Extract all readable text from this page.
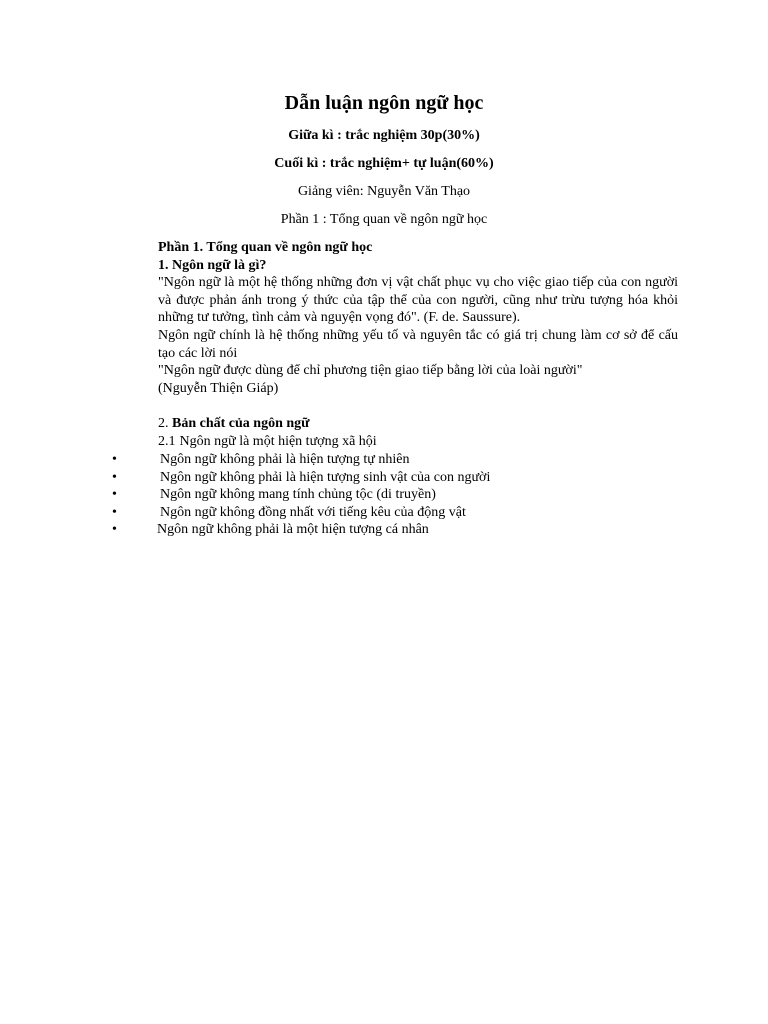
Dẫn luận ngôn ngữ học
Giữa kì : trắc nghiệm 30p(30%)
Cuối kì : trắc nghiệm+ tự luận(60%)
Giảng viên: Nguyễn Văn Thạo
Phần 1 : Tổng quan về ngôn ngữ học

Phần 1. Tổng quan về ngôn ngữ học

1. Ngôn ngữ là gì?

"Ngôn ngữ là một hệ thống những đơn vị vật chất phục vụ cho việc giao tiếp của con người và được phản ánh trong ý thức của tập thể của con người, cũng như trừu tượng hóa khỏi những tư tưởng, tình cảm và nguyện vọng đó". (F. de. Saussure).

Ngôn ngữ chính là hệ thống những yếu tố và nguyên tắc có giá trị chung làm cơ sở để cấu tạo các lời nói

"Ngôn ngữ được dùng để chỉ phương tiện giao tiếp bằng lời của loài người"

(Nguyễn Thiện Giáp)

2. Bản chất của ngôn ngữ

2.1 Ngôn ngữ là một hiện tượng xã hội

•	Ngôn ngữ không phải là hiện tượng tự nhiên
•	Ngôn ngữ không phải là hiện tượng sinh vật của con người
•	Ngôn ngữ không mang tính chủng tộc (di truyền)
•	Ngôn ngữ không đồng nhất với tiếng kêu của động vật
•	Ngôn ngữ không phải là một hiện tượng cá nhân
